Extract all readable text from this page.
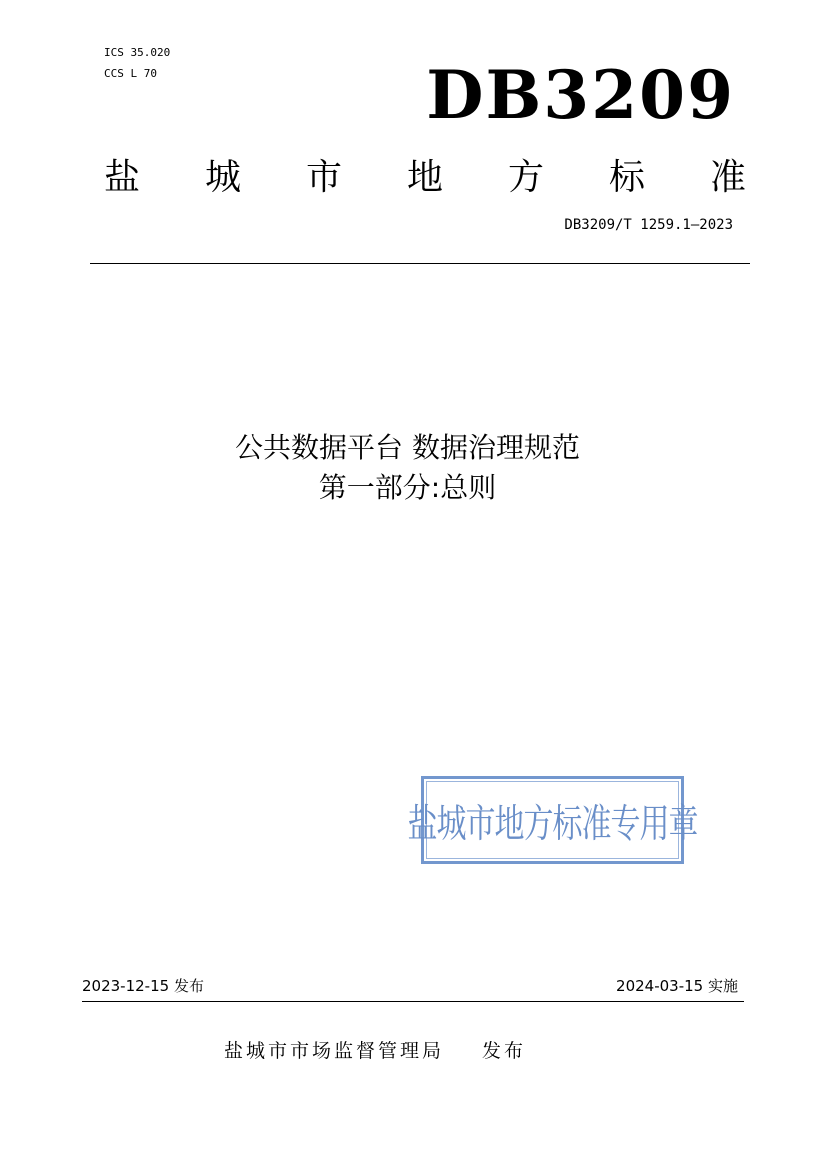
ICS 35.020
CCS L 70	DB3209
盐 城 市 地 方 标 准
DB3209/T 1259.1—2023
公共数据平台 数据治理规范
第一部分:总则
盐城市地方标准专用章
2023-12-15 发布	2024-03-15 实施
盐城市市场监督管理局 发布
